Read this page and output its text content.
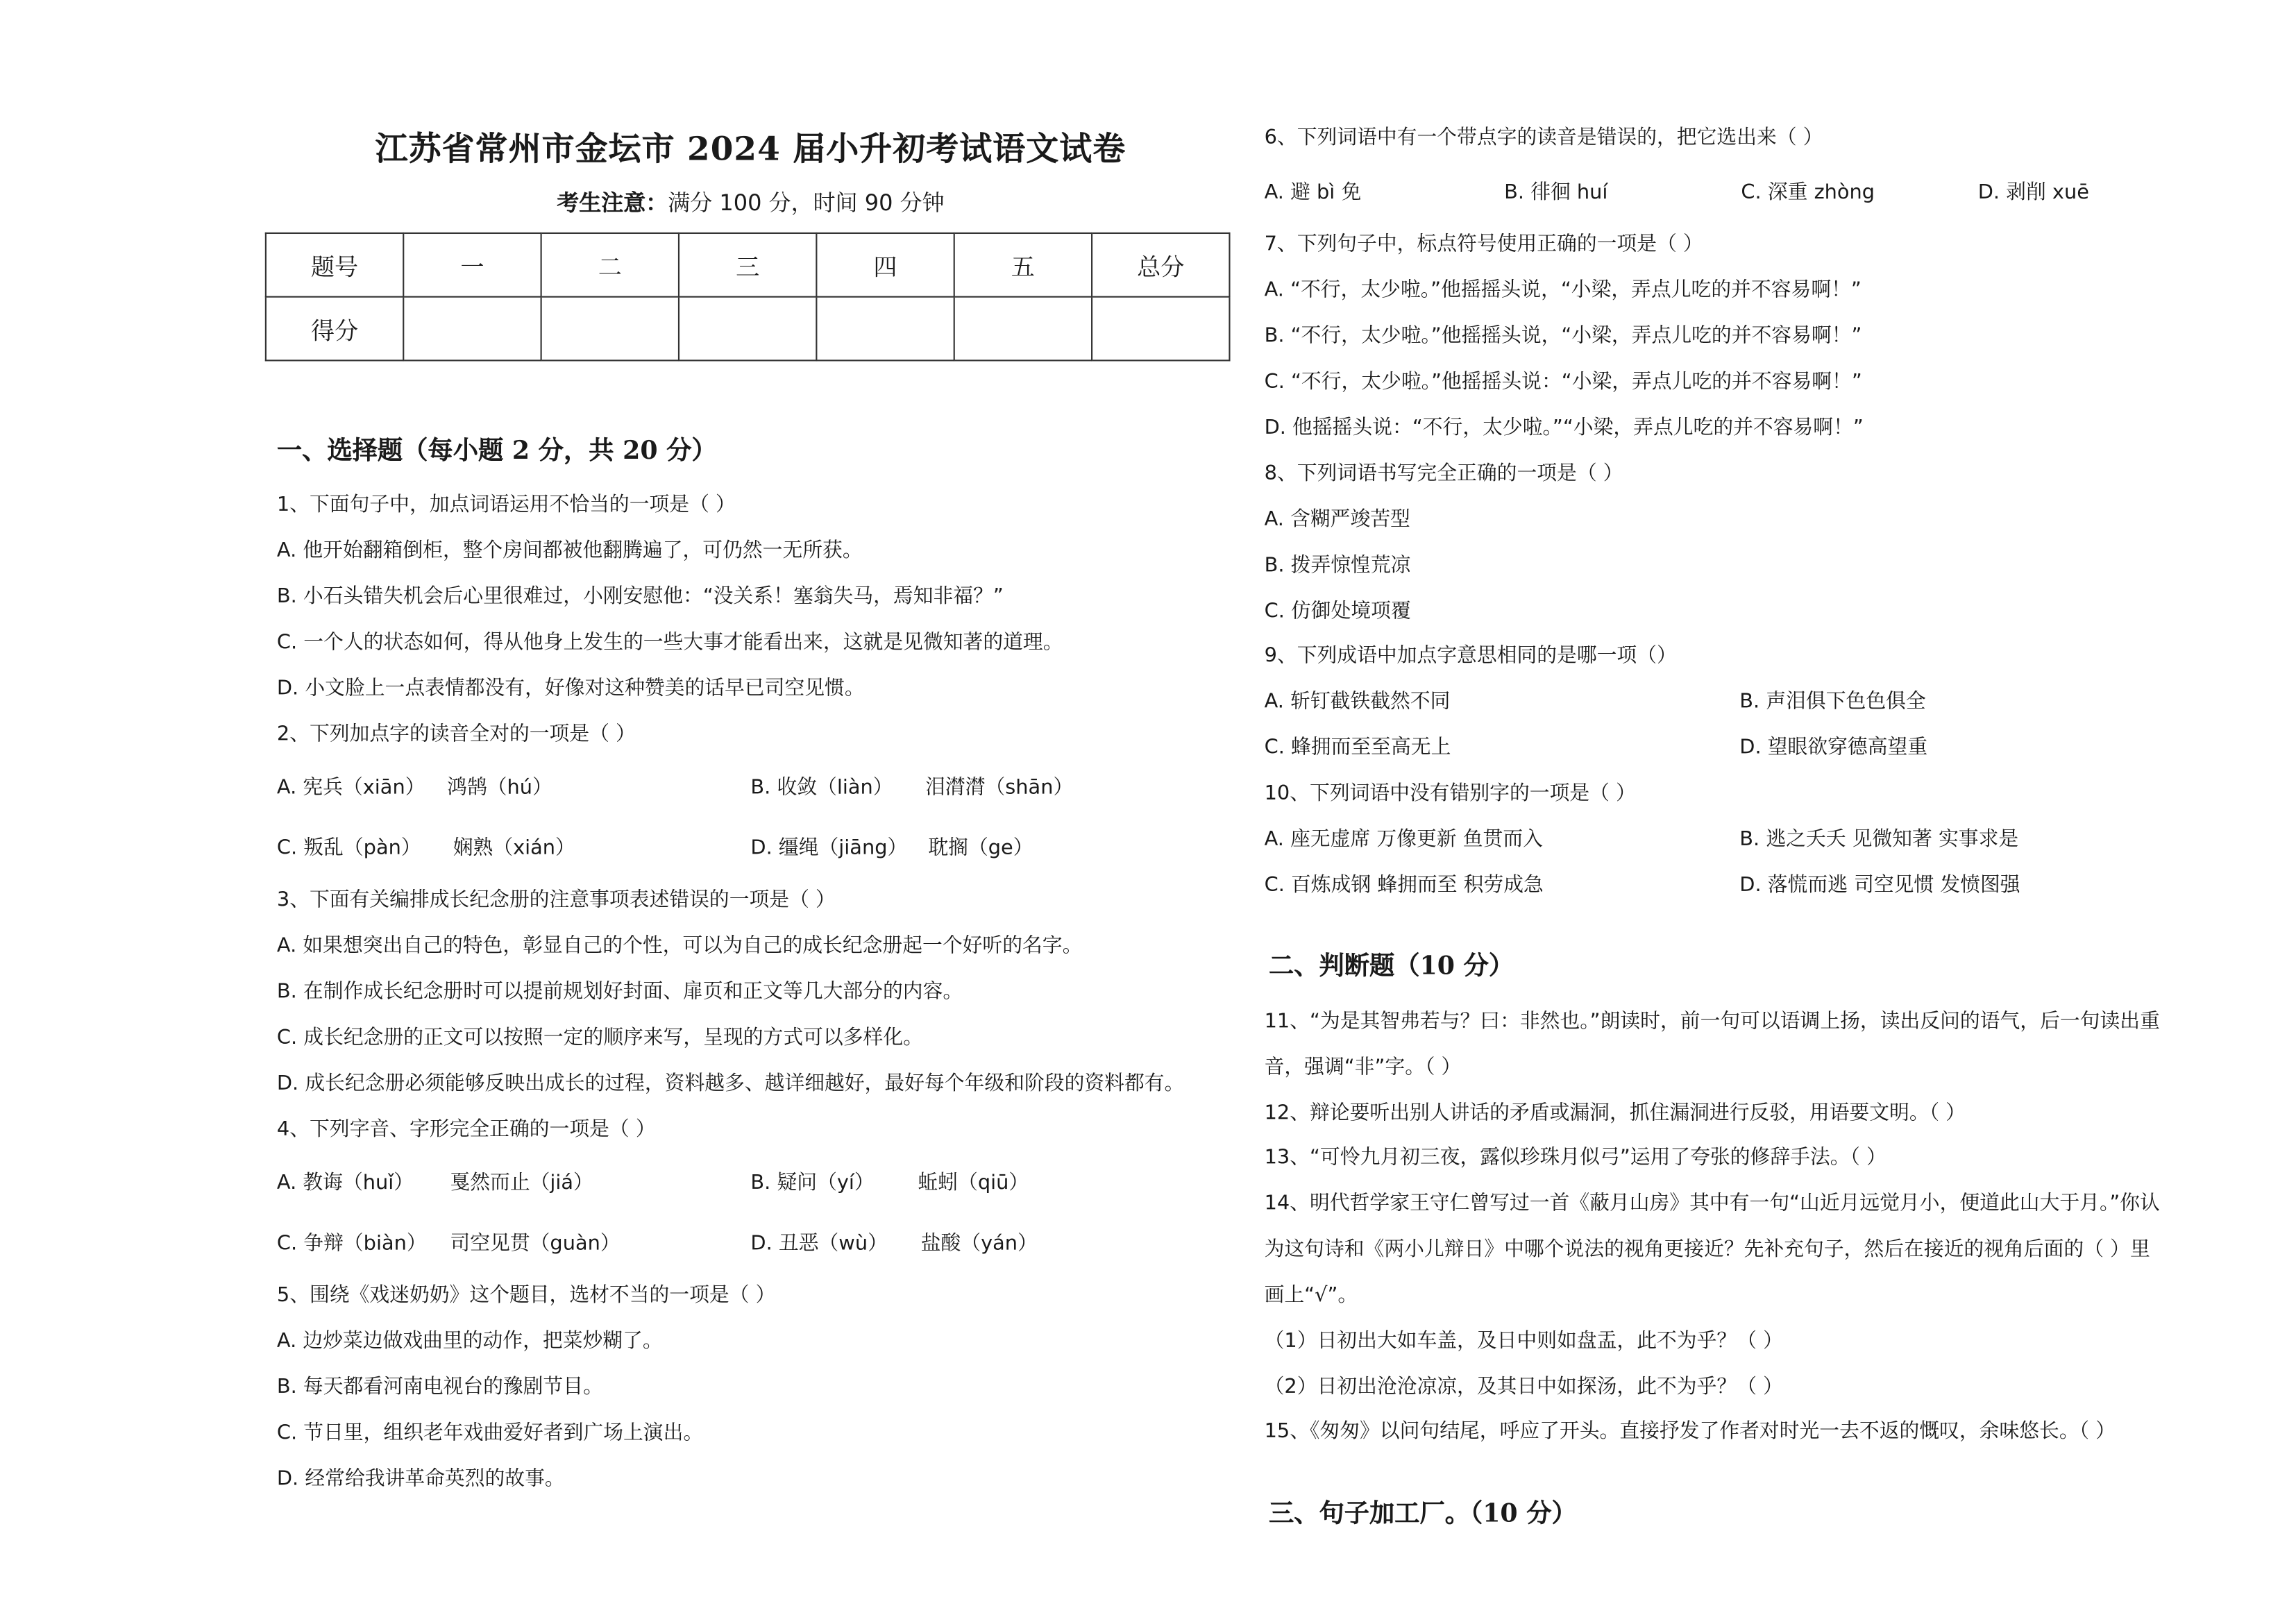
江苏省常州市金坛市 2024 届小升初考试语文试卷
考生注意：满分 100 分，时间 90 分钟
题号	一	二	三	四	五	总分
得分						
一、选择题（每小题 2 分，共 20 分）
1、下面句子中，加点词语运用不恰当的一项是（ ）
A. 他开始翻箱倒柜，整个房间都被他翻腾遍了，可仍然一无所获。
B. 小石头错失机会后心里很难过，小刚安慰他：“没关系！塞翁失马，焉知非福？”
C. 一个人的状态如何，得从他身上发生的一些大事才能看出来，这就是见微知著的道理。
D. 小文脸上一点表情都没有，好像对这种赞美的话早已司空见惯。
2、下列加点字的读音全对的一项是（ ）
A. 宪兵（xiān） 鸿鹄（hú）	B. 收敛（liàn）	泪潸潸（shān）
C. 叛乱（pàn）	娴熟（xián）	D. 缰绳（jiāng） 耽搁（ge）
3、下面有关编排成长纪念册的注意事项表述错误的一项是（ ）
A. 如果想突出自己的特色，彰显自己的个性，可以为自己的成长纪念册起一个好听的名字。
B. 在制作成长纪念册时可以提前规划好封面、扉页和正文等几大部分的内容。
C. 成长纪念册的正文可以按照一定的顺序来写，呈现的方式可以多样化。
D. 成长纪念册必须能够反映出成长的过程，资料越多、越详细越好，最好每个年级和阶段的资料都有。
4、下列字音、字形完全正确的一项是（ ）
A. 教诲（huǐ）	戛然而止（jiá）	B. 疑问（yí）	蚯蚓（qiū）
C. 争辩（biàn）	司空见贯（guàn）	D. 丑恶（wù）	盐酸（yán）
5、围绕《戏迷奶奶》这个题目，选材不当的一项是（ ）
A. 边炒菜边做戏曲里的动作，把菜炒糊了。
B. 每天都看河南电视台的豫剧节目。
C. 节日里，组织老年戏曲爱好者到广场上演出。
D. 经常给我讲革命英烈的故事。
6、下列词语中有一个带点字的读音是错误的，把它选出来（ ）
A. 避 bì 免	B. 徘徊 huí	C. 深重 zhòng	D. 剥削 xuē
7、下列句子中，标点符号使用正确的一项是（ ）
A. “不行，太少啦。”他摇摇头说，“小梁，弄点儿吃的并不容易啊！”
B. “不行，太少啦。”他摇摇头说，“小梁，弄点儿吃的并不容易啊！”
C. “不行，太少啦。”他摇摇头说：“小梁，弄点儿吃的并不容易啊！”
D. 他摇摇头说：“不行，太少啦。”“小梁，弄点儿吃的并不容易啊！”
8、下列词语书写完全正确的一项是（ ）
A. 含糊严竣苦型
B. 拨弄惊惶荒凉
C. 仿御处境项覆
9、下列成语中加点字意思相同的是哪一项（）
A. 斩钉截铁截然不同	B. 声泪俱下色色俱全
C. 蜂拥而至至高无上	D. 望眼欲穿德高望重
10、下列词语中没有错别字的一项是（ ）
A. 座无虚席 万像更新 鱼贯而入	B. 逃之夭夭 见微知著 实事求是
C. 百炼成钢 蜂拥而至 积劳成急	D. 落慌而逃 司空见惯 发愤图强
二、判断题（10 分）
11、“为是其智弗若与？曰：非然也。”朗读时，前一句可以语调上扬，读出反问的语气，后一句读出重
音，强调“非”字。（ ）
12、辩论要听出别人讲话的矛盾或漏洞，抓住漏洞进行反驳，用语要文明。（ ）
13、“可怜九月初三夜，露似珍珠月似弓”运用了夸张的修辞手法。（ ）
14、明代哲学家王守仁曾写过一首《蔽月山房》其中有一句“山近月远觉月小，便道此山大于月。”你认
为这句诗和《两小儿辩日》中哪个说法的视角更接近？先补充句子，然后在接近的视角后面的（ ）里
画上“√”。
（1）日初出大如车盖，及日中则如盘盂，此不为乎？（ ）
（2）日初出沧沧凉凉，及其日中如探汤，此不为乎？（ ）
15、《匆匆》以问句结尾，呼应了开头。直接抒发了作者对时光一去不返的慨叹，余味悠长。（ ）
三、句子加工厂。（10 分）
